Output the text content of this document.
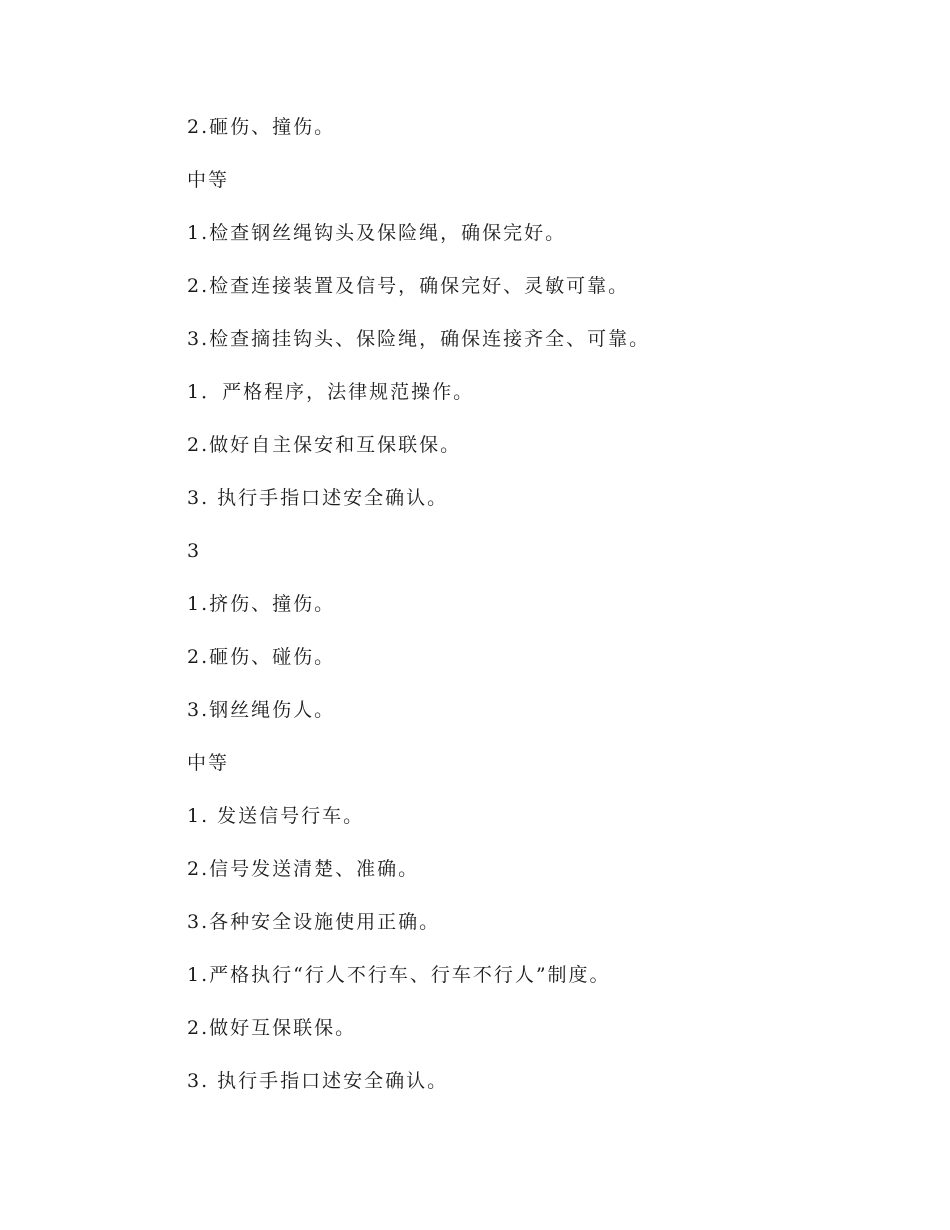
2.砸伤、撞伤。
中等
1.检查钢丝绳钩头及保险绳，确保完好。
2.检查连接装置及信号，确保完好、灵敏可靠。
3.检查摘挂钩头、保险绳，确保连接齐全、可靠。
1．严格程序，法律规范操作。
2.做好自主保安和互保联保。
3. 执行手指口述安全确认。
3
1.挤伤、撞伤。
2.砸伤、碰伤。
3.钢丝绳伤人。
中等
1. 发送信号行车。
2.信号发送清楚、准确。
3.各种安全设施使用正确。
1.严格执行“行人不行车、行车不行人”制度。
2.做好互保联保。
3. 执行手指口述安全确认。
